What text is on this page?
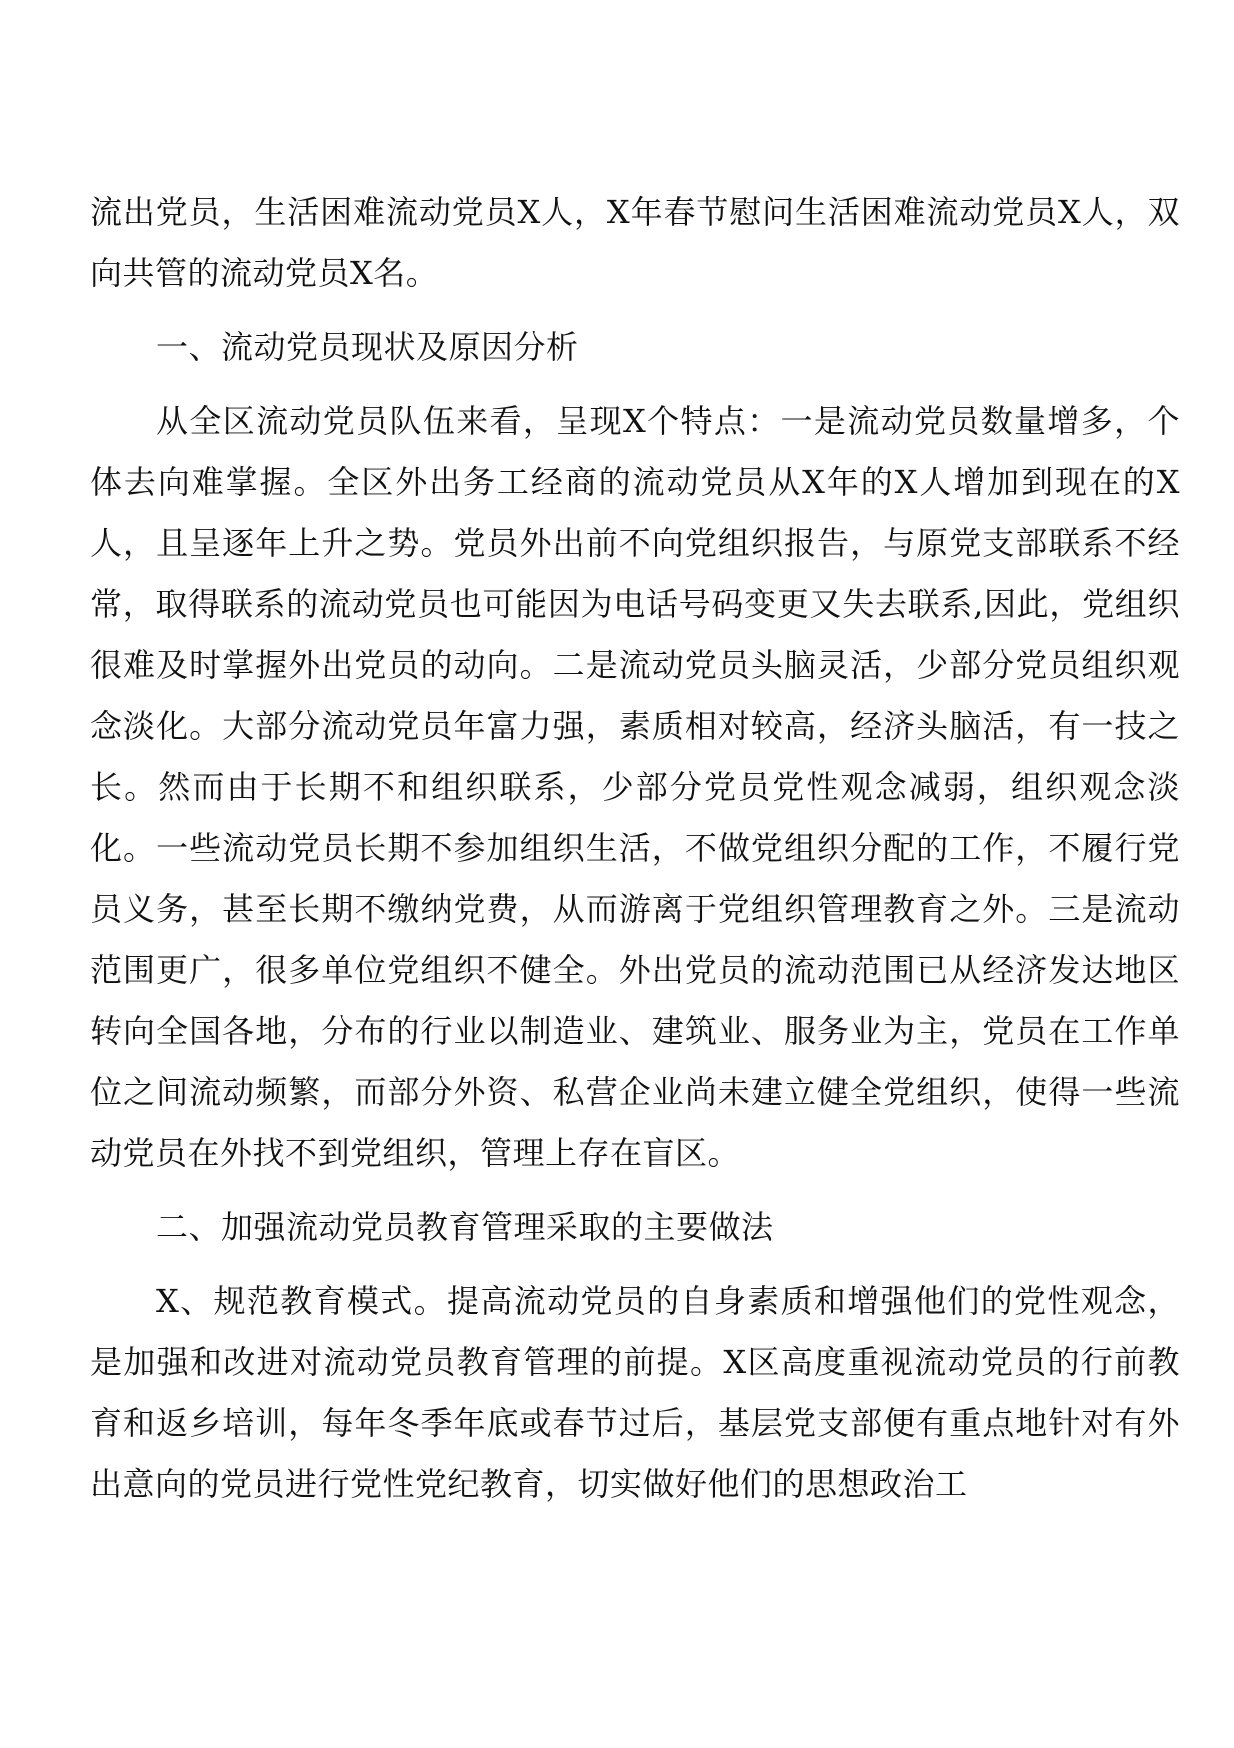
流出党员，生活困难流动党员X人，X年春节慰问生活困难流动党员X人，双向共管的流动党员X名。

一、流动党员现状及原因分析

从全区流动党员队伍来看，呈现X个特点：一是流动党员数量增多，个体去向难掌握。全区外出务工经商的流动党员从X年的X人增加到现在的X人，且呈逐年上升之势。党员外出前不向党组织报告，与原党支部联系不经常，取得联系的流动党员也可能因为电话号码变更又失去联系,因此，党组织很难及时掌握外出党员的动向。二是流动党员头脑灵活，少部分党员组织观念淡化。大部分流动党员年富力强，素质相对较高，经济头脑活，有一技之长。然而由于长期不和组织联系，少部分党员党性观念减弱，组织观念淡化。一些流动党员长期不参加组织生活，不做党组织分配的工作，不履行党员义务，甚至长期不缴纳党费，从而游离于党组织管理教育之外。三是流动范围更广，很多单位党组织不健全。外出党员的流动范围已从经济发达地区转向全国各地，分布的行业以制造业、建筑业、服务业为主，党员在工作单位之间流动频繁，而部分外资、私营企业尚未建立健全党组织，使得一些流动党员在外找不到党组织，管理上存在盲区。

二、加强流动党员教育管理采取的主要做法

X、规范教育模式。提高流动党员的自身素质和增强他们的党性观念，是加强和改进对流动党员教育管理的前提。X区高度重视流动党员的行前教育和返乡培训，每年冬季年底或春节过后，基层党支部便有重点地针对有外出意向的党员进行党性党纪教育，切实做好他们的思想政治工
